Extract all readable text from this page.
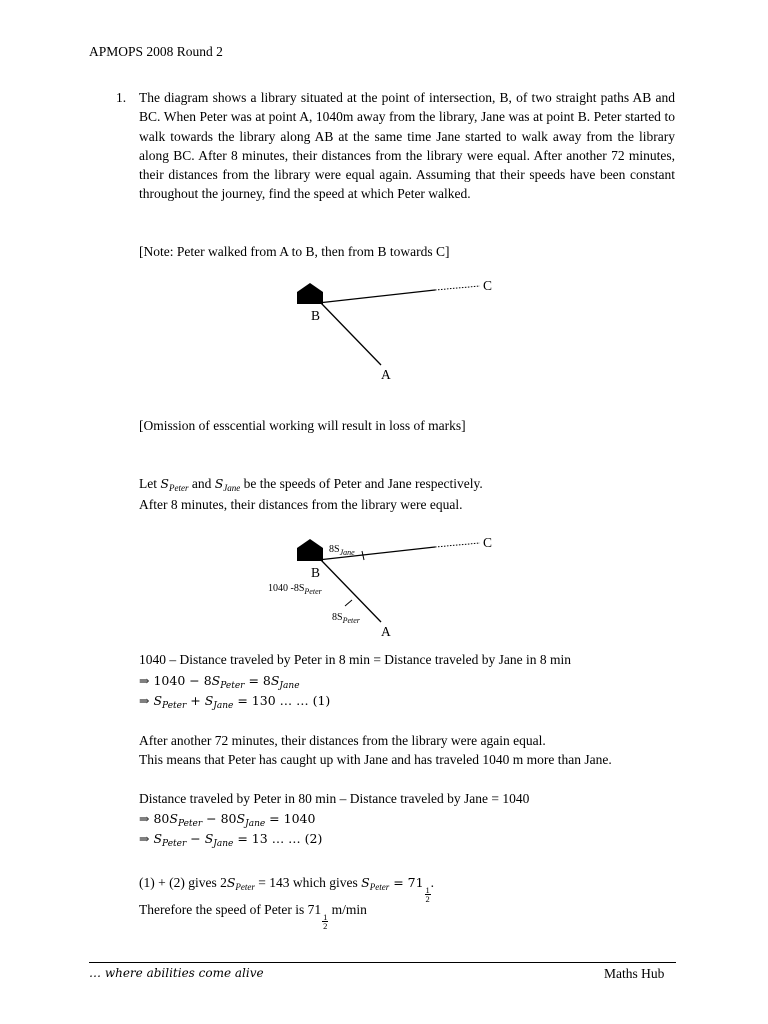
APMOPS 2008 Round 2
1. The diagram shows a library situated at the point of intersection, B, of two straight paths AB and BC. When Peter was at point A, 1040m away from the library, Jane was at point B. Peter started to walk towards the library along AB at the same time Jane started to walk away from the library along BC. After 8 minutes, their distances from the library were equal. After another 72 minutes, their distances from the library were equal again. Assuming that their speeds have been constant throughout the journey, find the speed at which Peter walked.
[Note: Peter walked from A to B, then from B towards C]
C
B
A
[Omission of esscential working will result in loss of marks]
Let $S_{Peter}$ and $S_{Jane}$ be the speeds of Peter and Jane respectively.
After 8 minutes, their distances from the library were equal.
C
B
A
$8S_{Jane}$
1040 $-8S_{Peter}$
$8S_{Peter}$
1040 – Distance traveled by Peter in 8 min = Distance traveled by Jane in 8 min
⇒ $1040 - 8S_{Peter} = 8S_{Jane}$
⇒ $S_{Peter} + S_{Jane} = 130$ … … (1)
After another 72 minutes, their distances from the library were again equal.
This means that Peter has caught up with Jane and has traveled 1040 m more than Jane.
Distance traveled by Peter in 80 min – Distance traveled by Jane = 1040
⇒ $80S_{Peter} - 80S_{Jane} = 1040$
⇒ $S_{Peter} - S_{Jane} = 13$ … … (2)
(1) + (2) gives $2S_{Peter} = 143$ which gives $S_{Peter} = 71$
$\frac{1}{2}$
.
Therefore the speed of Peter is 71
$\frac{1}{2}$
m/min
… where abilities come alive	Maths Hub
